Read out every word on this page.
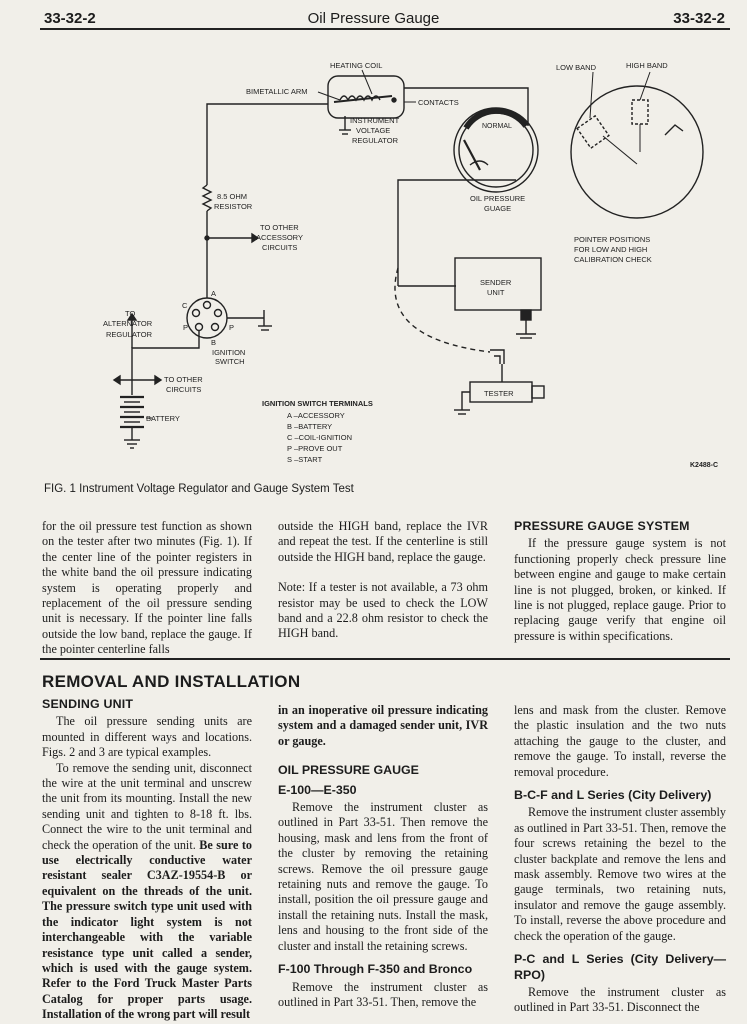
33-32-2	Oil Pressure Gauge	33-32-2
HEATING COIL
BIMETALLIC ARM
CONTACTS
INSTRUMENT
VOLTAGE
REGULATOR
OIL PRESSURE
GUAGE
NORMAL
8.5 OHM
RESISTOR
TO OTHER
ACCESSORY
CIRCUITS
TO
ALTERNATOR
REGULATOR
A
C
P	P
B
IGNITION
SWITCH
TO OTHER
CIRCUITS
BATTERY
SENDER
UNIT
TESTER
LOW BAND	HIGH BAND
POINTER POSITIONS
FOR LOW AND HIGH
CALIBRATION CHECK
IGNITION SWITCH TERMINALS
A –ACCESSORY
B –BATTERY
C –COIL-IGNITION
P –PROVE OUT
S –START
K2488-C
FIG. 1 Instrument Voltage Regulator and Gauge System Test

for the oil pressure test function as shown on the tester after two minutes (Fig. 1). If the center line of the pointer registers in the white band the oil pressure indicating system is operating properly and replacement of the oil pressure sending unit is necessary. If the pointer line falls outside the low band, replace the gauge. If the pointer centerline falls

outside the HIGH band, replace the IVR and repeat the test. If the centerline is still outside the HIGH band, replace the gauge.

Note: If a tester is not available, a 73 ohm resistor may be used to check the LOW band and a 22.8 ohm resistor to check the HIGH band.

PRESSURE GAUGE SYSTEM

If the pressure gauge system is not functioning properly check pressure line between engine and gauge to make certain line is not plugged, broken, or kinked. If line is not plugged, replace gauge. Prior to replacing gauge verify that engine oil pressure is within specifications.

REMOVAL AND INSTALLATION
SENDING UNIT

The oil pressure sending units are mounted in different ways and locations. Figs. 2 and 3 are typical examples.

To remove the sending unit, disconnect the wire at the unit terminal and unscrew the unit from its mounting. Install the new sending unit and tighten to 8-18 ft. lbs. Connect the wire to the unit terminal and check the operation of the unit. Be sure to use electrically conductive water resistant sealer C3AZ-19554-B or equivalent on the threads of the unit. The pressure switch type unit used with the indicator light system is not interchangeable with the variable resistance type unit called a sender, which is used with the gauge system. Refer to the Ford Truck Master Parts Catalog for proper parts usage. Installation of the wrong part will result

in an inoperative oil pressure indicating system and a damaged sender unit, IVR or gauge.

OIL PRESSURE GAUGE
E-100—E-350

Remove the instrument cluster as outlined in Part 33-51. Then remove the housing, mask and lens from the front of the cluster by removing the retaining screws. Remove the oil pressure gauge retaining nuts and remove the gauge. To install, position the oil pressure gauge and install the retaining nuts. Install the mask, lens and housing to the front side of the cluster and install the retaining screws.

F-100 Through F-350 and Bronco

Remove the instrument cluster as outlined in Part 33-51. Then, remove the

lens and mask from the cluster. Remove the plastic insulation and the two nuts attaching the gauge to the cluster, and remove the gauge. To install, reverse the removal procedure.

B-C-F and L Series (City Delivery)

Remove the instrument cluster assembly as outlined in Part 33-51. Then, remove the four screws retaining the bezel to the cluster backplate and remove the lens and mask assembly. Remove two wires at the gauge terminals, two retaining nuts, insulator and remove the gauge assembly. To install, reverse the above procedure and check the operation of the gauge.

P-C and L Series (City Delivery—RPO)

Remove the instrument cluster as outlined in Part 33-51. Disconnect the
